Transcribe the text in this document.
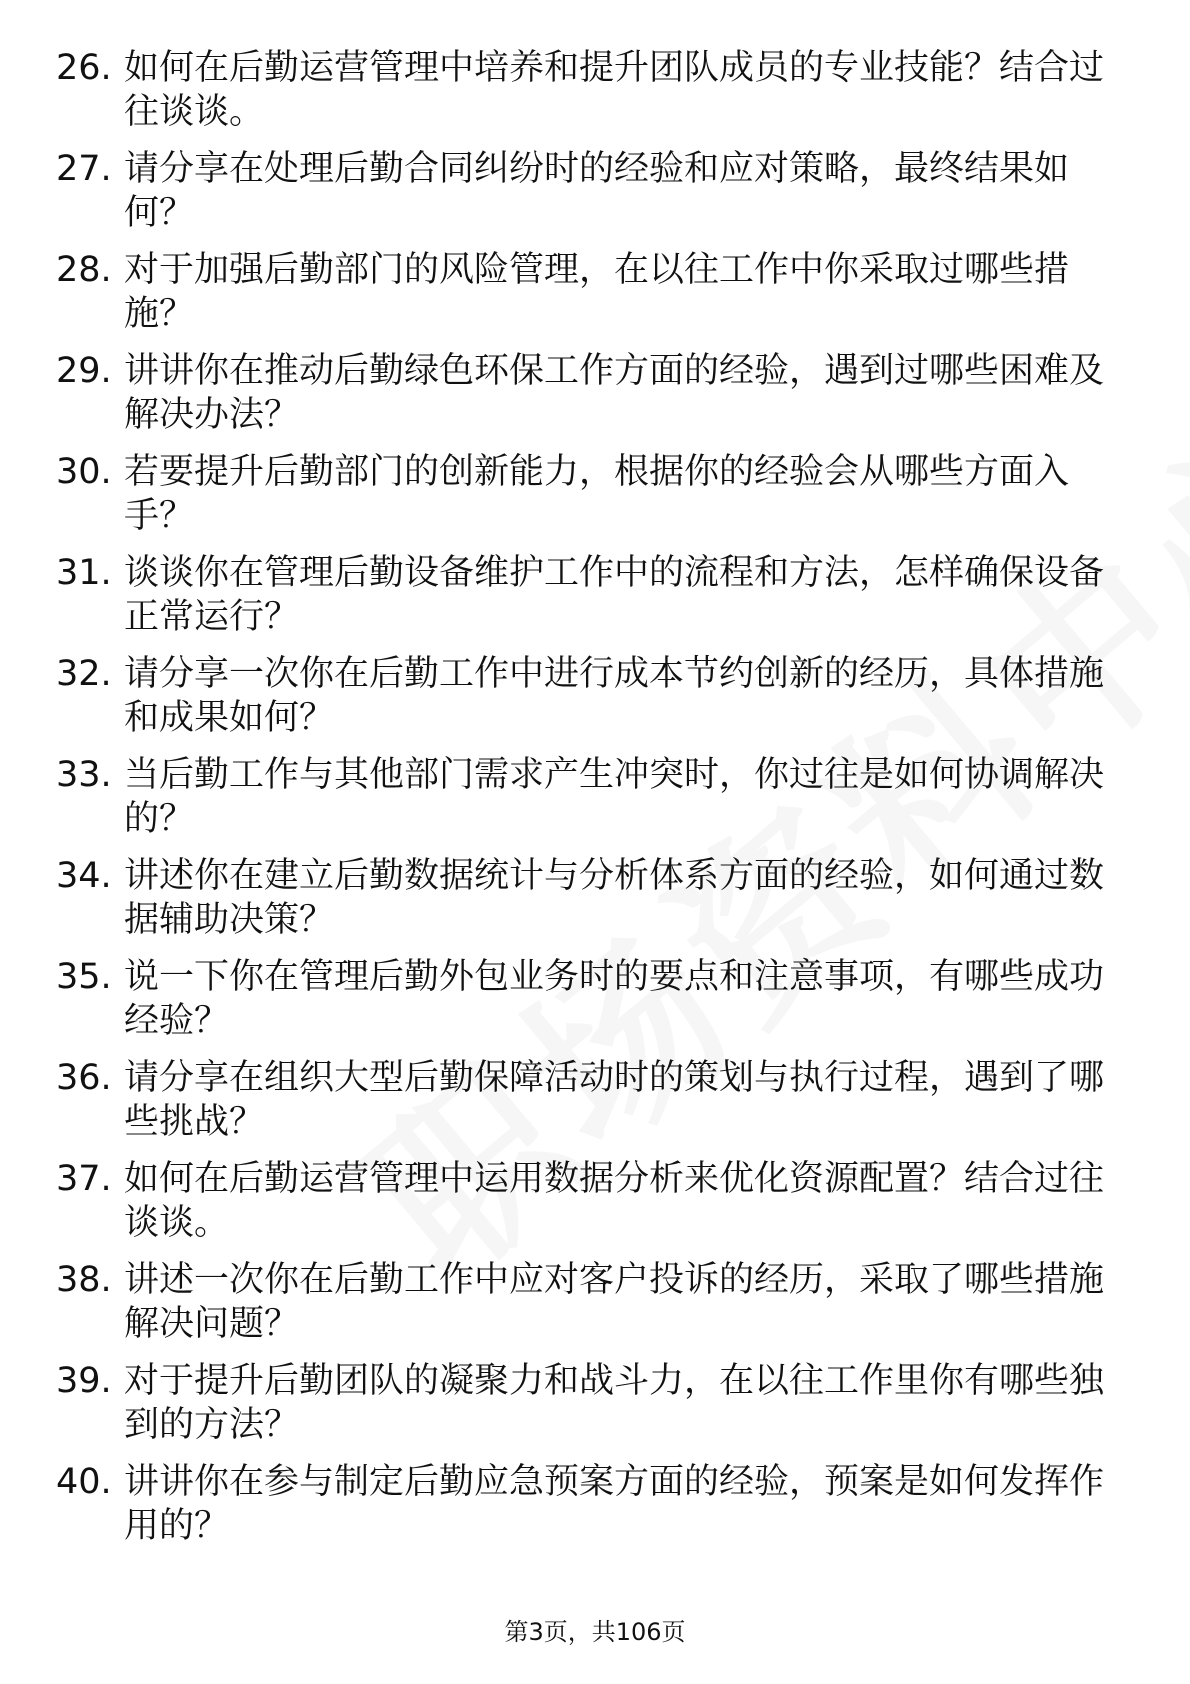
26. 如何在后勤运营管理中培养和提升团队成员的专业技能？结合过往谈谈。
27. 请分享在处理后勤合同纠纷时的经验和应对策略，最终结果如何？
28. 对于加强后勤部门的风险管理，在以往工作中你采取过哪些措施？
29. 讲讲你在推动后勤绿色环保工作方面的经验，遇到过哪些困难及解决办法？
30. 若要提升后勤部门的创新能力，根据你的经验会从哪些方面入手？
31. 谈谈你在管理后勤设备维护工作中的流程和方法，怎样确保设备正常运行？
32. 请分享一次你在后勤工作中进行成本节约创新的经历，具体措施和成果如何？
33. 当后勤工作与其他部门需求产生冲突时，你过往是如何协调解决的？
34. 讲述你在建立后勤数据统计与分析体系方面的经验，如何通过数据辅助决策？
35. 说一下你在管理后勤外包业务时的要点和注意事项，有哪些成功经验？
36. 请分享在组织大型后勤保障活动时的策划与执行过程，遇到了哪些挑战？
37. 如何在后勤运营管理中运用数据分析来优化资源配置？结合过往谈谈。
38. 讲述一次你在后勤工作中应对客户投诉的经历，采取了哪些措施解决问题？
39. 对于提升后勤团队的凝聚力和战斗力，在以往工作里你有哪些独到的方法？
40. 讲讲你在参与制定后勤应急预案方面的经验，预案是如何发挥作用的？
第3页，共106页
